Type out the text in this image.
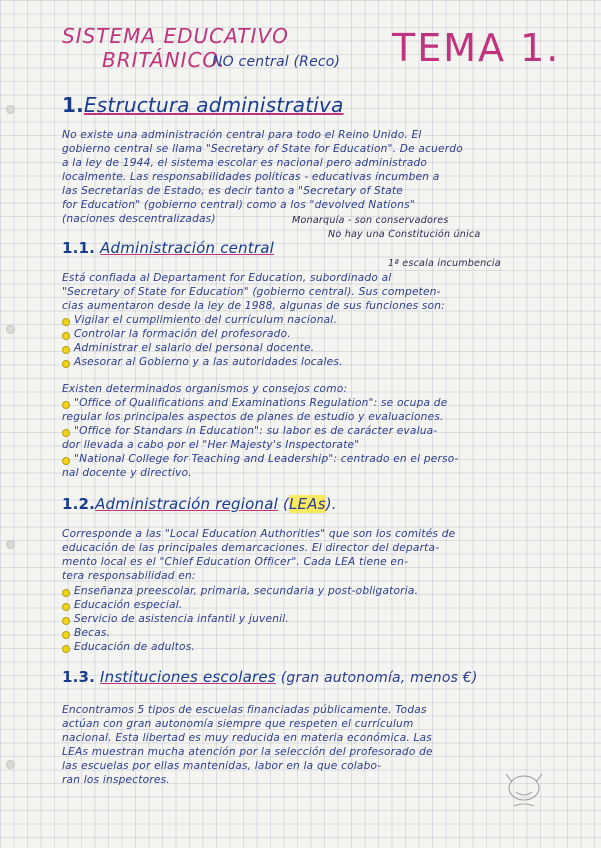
SISTEMA EDUCATIVO
BRITÁNICO.
NO central (Reco) TEMA 1.
1.Estructura administrativa
No existe una administración central para todo el Reino Unido. El
gobierno central se llama "Secretary of State for Education". De acuerdo
a la ley de 1944, el sistema escolar es nacional pero administrado
localmente. Las responsabilidades políticas - educativas incumben a
las Secretarías de Estado, es decir tanto a "Secretary of State
for Education" (gobierno central) como a los "devolved Nations"
(naciones descentralizadas)	Monarquía - son conservadores
No hay una Constitución única
1.1. Administración central
1ª escala incumbencia
Está confiada al Departament for Education, subordinado al
"Secretary of State for Education" (gobierno central). Sus competen-
cias aumentaron desde la ley de 1988, algunas de sus funciones son:
Vigilar el cumplimiento del currículum nacional.
Controlar la formación del profesorado.
Administrar el salario del personal docente.
Asesorar al Gobierno y a las autoridades locales.
Existen determinados organismos y consejos como:
"Office of Qualifications and Examinations Regulation": se ocupa de
regular los principales aspectos de planes de estudio y evaluaciones.
"Office for Standars in Education": su labor es de carácter evalua-
dor llevada a cabo por el "Her Majesty's Inspectorate"
"National College for Teaching and Leadership": centrado en el perso-
nal docente y directivo.
1.2.Administración regional (LEAs).
Corresponde a las "Local Education Authorities" que son los comités de
educación de las principales demarcaciones. El director del departa-
mento local es el "Chief Education Officer". Cada LEA tiene en-
tera responsabilidad en:
Enseñanza preescolar, primaria, secundaria y post-obligatoria.
Educación especial.
Servicio de asistencia infantil y juvenil.
Becas.
Educación de adultos.
1.3. Instituciones escolares (gran autonomía, menos €)
Encontramos 5 tipos de escuelas financiadas públicamente. Todas
actúan con gran autonomía siempre que respeten el currículum
nacional. Esta libertad es muy reducida en materia económica. Las
LEAs muestran mucha atención por la selección del profesorado de
las escuelas por ellas mantenidas, labor en la que colabo-
ran los inspectores.
